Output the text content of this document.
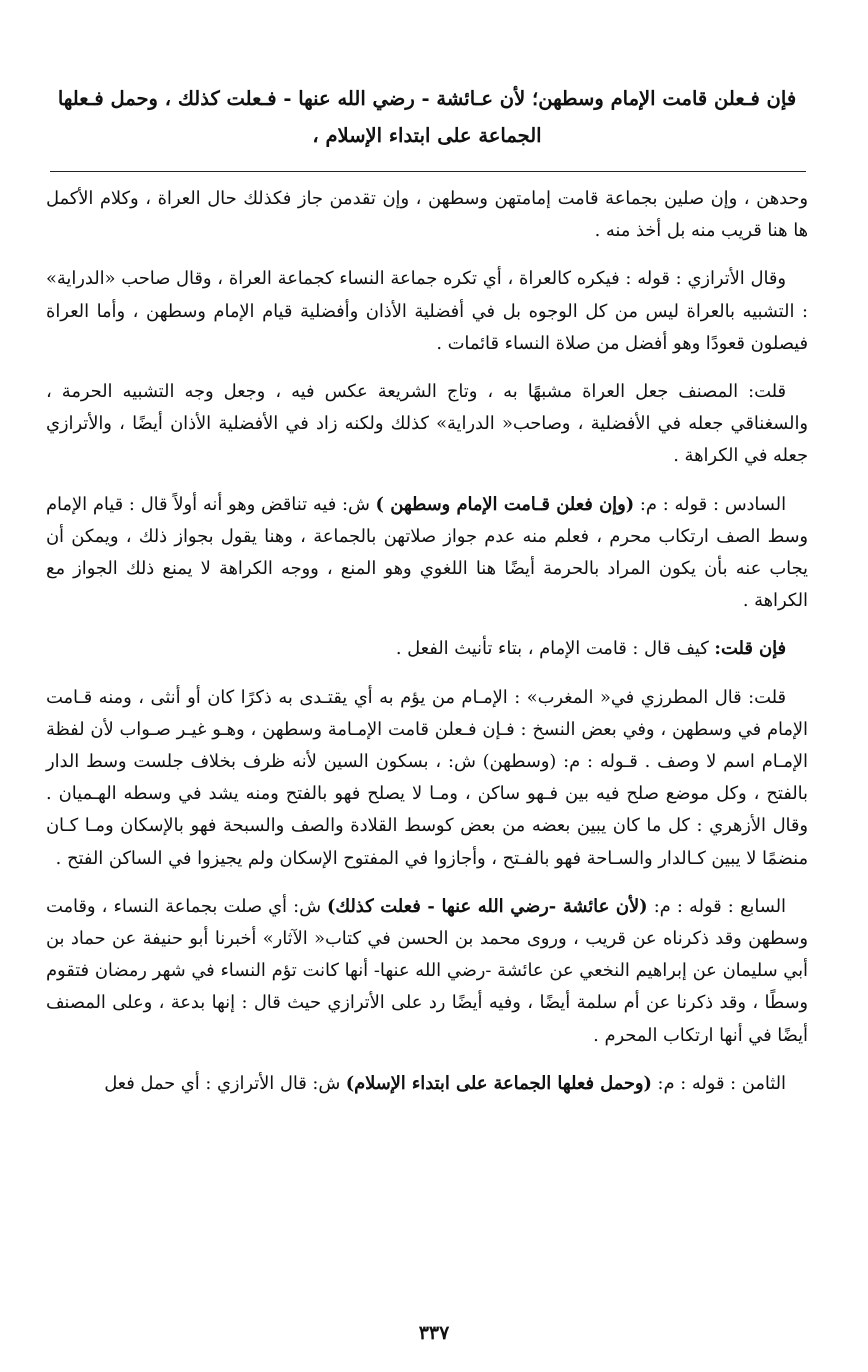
فإن فـعلن قامت الإمام وسطهن؛ لأن عـائشة - رضي الله عنها - فـعلت كذلك ، وحمل فـعلها الجماعة على ابتداء الإسلام ،

وحدهن ، وإن صلين بجماعة قامت إمامتهن وسطهن ، وإن تقدمن جاز فكذلك حال العراة ، وكلام الأكمل ها هنا قريب منه بل أخذ منه .

وقال الأترازي : قوله : فيكره كالعراة ، أي تكره جماعة النساء كجماعة العراة ، وقال صاحب «الدراية» : التشبيه بالعراة ليس من كل الوجوه بل في أفضلية الأذان وأفضلية قيام الإمام وسطهن ، وأما العراة فيصلون قعودًا وهو أفضل من صلاة النساء قائمات .

قلت: المصنف جعل العراة مشبهًا به ، وتاج الشريعة عكس فيه ، وجعل وجه التشبيه الحرمة ، والسغناقي جعله في الأفضلية ، وصاحب« الدراية» كذلك ولكنه زاد في الأفضلية الأذان أيضًا ، والأترازي جعله في الكراهة .

السادس : قوله : م: (وإن فعلن قـامت الإمام وسطهن ) ش: فيه تناقض وهو أنه أولاً قال : قيام الإمام وسط الصف ارتكاب محرم ، فعلم منه عدم جواز صلاتهن بالجماعة ، وهنا يقول بجواز ذلك ، ويمكن أن يجاب عنه بأن يكون المراد بالحرمة أيضًا هنا اللغوي وهو المنع ، ووجه الكراهة لا يمنع ذلك الجواز مع الكراهة .

فإن قلت: كيف قال : قامت الإمام ، بتاء تأنيث الفعل .

قلت: قال المطرزي في« المغرب» : الإمـام من يؤم به أي يقتـدى به ذكرًا كان أو أنثى ، ومنه قـامت الإمام في وسطهن ، وفي بعض النسخ : فـإن فـعلن قامت الإمـامة وسطهن ، وهـو غيـر صـواب لأن لفظة الإمـام اسم لا وصف . قـوله : م: (وسطهن) ش: ، بسكون السين لأنه ظرف بخلاف جلست وسط الدار بالفتح ، وكل موضع صلح فيه بين فـهو ساكن ، ومـا لا يصلح فهو بالفتح ومنه يشد في وسطه الهـميان . وقال الأزهري : كل ما كان يبين بعضه من بعض كوسط القلادة والصف والسبحة فهو بالإسكان ومـا كـان منضمًا لا يبين كـالدار والسـاحة فهو بالفـتح ، وأجازوا في المفتوح الإسكان ولم يجيزوا في الساكن الفتح .

السابع : قوله : م: (لأن عائشة -رضي الله عنها - فعلت كذلك) ش: أي صلت بجماعة النساء ، وقامت وسطهن وقد ذكرناه عن قريب ، وروى محمد بن الحسن في كتاب« الآثار» أخبرنا أبو حنيفة عن حماد بن أبي سليمان عن إبراهيم النخعي عن عائشة -رضي الله عنها- أنها كانت تؤم النساء في شهر رمضان فتقوم وسطًا ، وقد ذكرنا عن أم سلمة أيضًا ، وفيه أيضًا رد على الأترازي حيث قال : إنها بدعة ، وعلى المصنف أيضًا في أنها ارتكاب المحرم .

الثامن : قوله : م: (وحمل فعلها الجماعة على ابتداء الإسلام) ش: قال الأترازي : أي حمل فعل

٣٣٧
